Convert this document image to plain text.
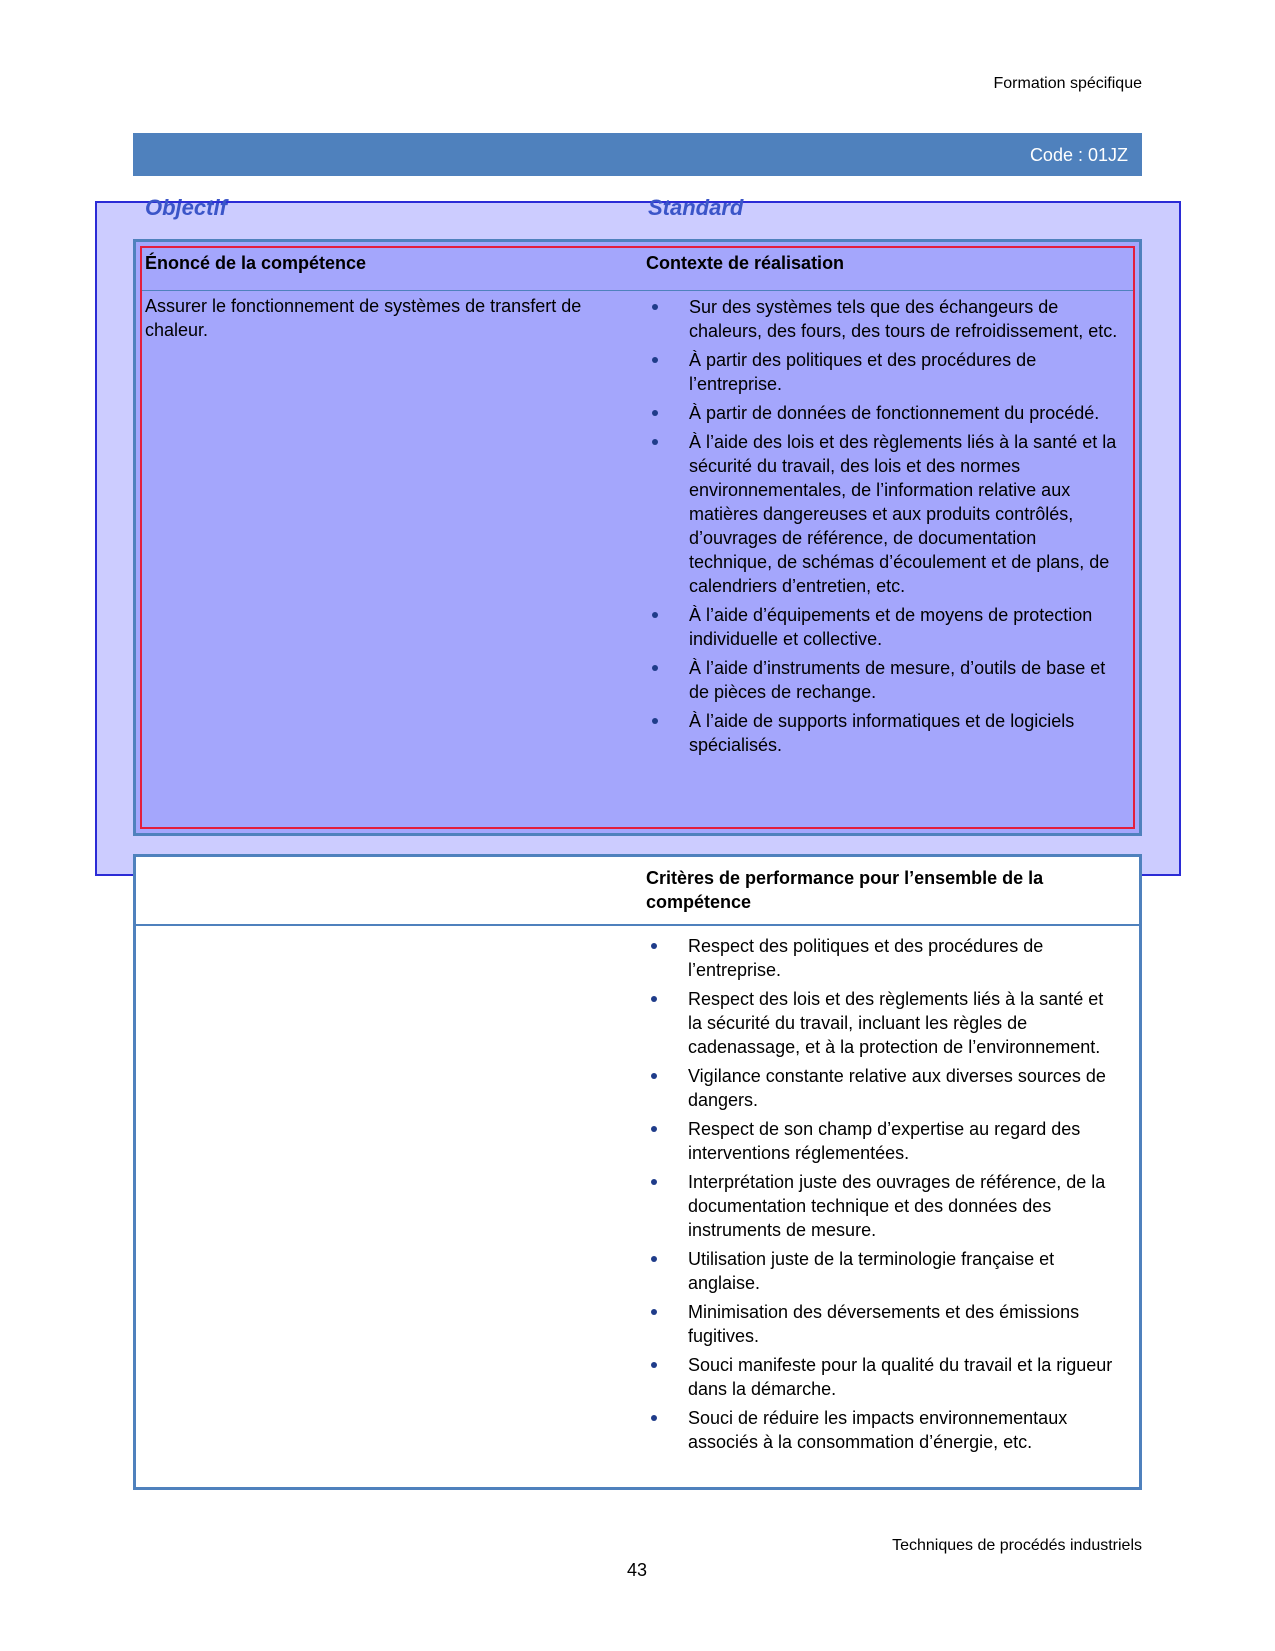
Formation spécifique
Code : 01JZ
Objectif	Standard
Énoncé de la compétence	Contexte de réalisation
Assurer le fonctionnement de systèmes de transfert de chaleur.
Sur des systèmes tels que des échangeurs de chaleurs, des fours, des tours de refroidissement, etc.
À partir des politiques et des procédures de l’entreprise.
À partir de données de fonctionnement du procédé.
À l’aide des lois et des règlements liés à la santé et la sécurité du travail, des lois et des normes environnementales, de l’information relative aux matières dangereuses et aux produits contrôlés, d’ouvrages de référence, de documentation technique, de schémas d’écoulement et de plans, de calendriers d’entretien, etc.
À l’aide d’équipements et de moyens de protection individuelle et collective.
À l’aide d’instruments de mesure, d’outils de base et de pièces de rechange.
À l’aide de supports informatiques et de logiciels spécialisés.
Critères de performance pour l’ensemble de la compétence
Respect des politiques et des procédures de l’entreprise.
Respect des lois et des règlements liés à la santé et la sécurité du travail, incluant les règles de cadenassage, et à la protection de l’environnement.
Vigilance constante relative aux diverses sources de dangers.
Respect de son champ d’expertise au regard des interventions réglementées.
Interprétation juste des ouvrages de référence, de la documentation technique et des données des instruments de mesure.
Utilisation juste de la terminologie française et anglaise.
Minimisation des déversements et des émissions fugitives.
Souci manifeste pour la qualité du travail et la rigueur dans la démarche.
Souci de réduire les impacts environnementaux associés à la consommation d’énergie, etc.
Techniques de procédés industriels
43
